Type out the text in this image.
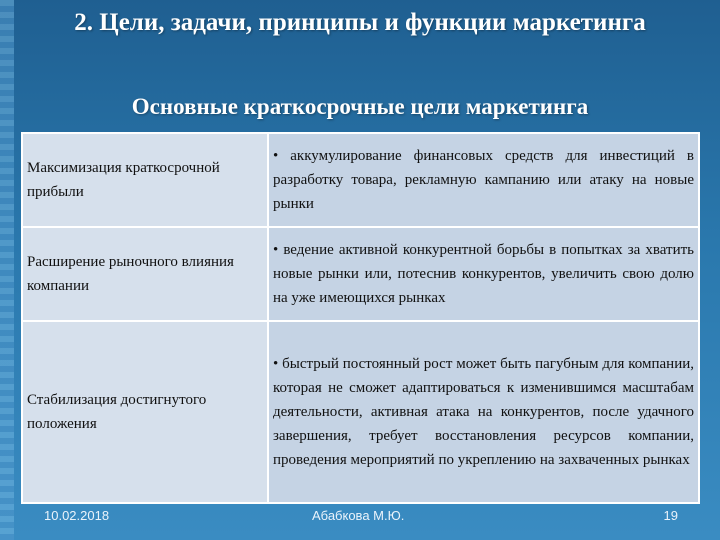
2. Цели, задачи, принципы и функции маркетинга
Основные краткосрочные цели маркетинга
Максимизация краткосрочной прибыли	• аккумулирование финансовых средств для инвестиций в разработку товара, рекламную кампанию или атаку на новые рынки
Расширение рыночного влияния компании	• ведение активной конкурентной борьбы в попытках за хватить новые рынки или, потеснив конкурентов, увеличить свою долю на уже имеющихся рынках
Стабилизация достигнутого положения	• быстрый постоянный рост может быть пагубным для компании, которая не сможет адаптироваться к изменившимся масштабам деятельности, активная атака на конкурентов, после удачного завершения, требует восстановления ресурсов компании, проведения мероприятий по укреплению на захваченных рынках
10.02.2018	Абабкова М.Ю.	19
